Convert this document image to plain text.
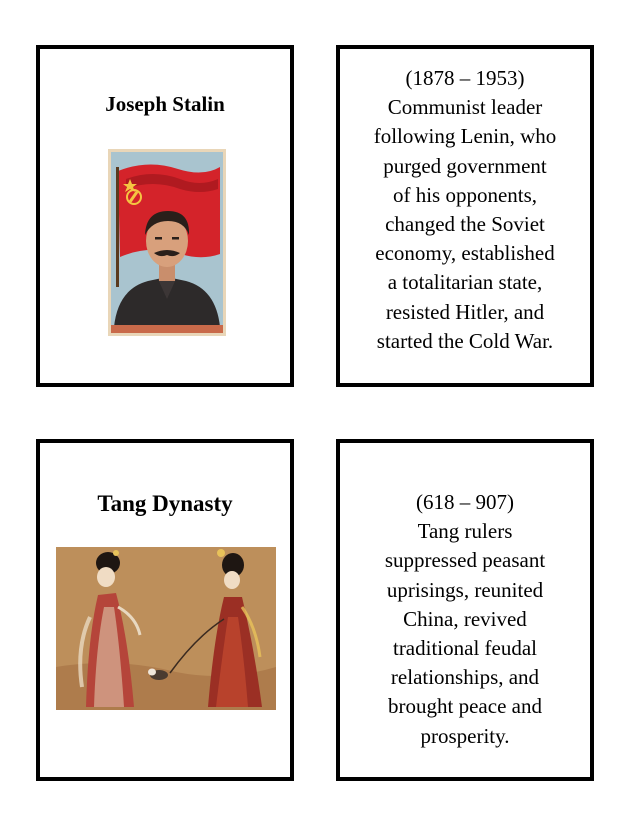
Joseph Stalin
(1878 – 1953)
Communist leader
following Lenin, who
purged government
of his opponents,
changed the Soviet
economy, established
a totalitarian state,
resisted Hitler, and
started the Cold War.
Tang Dynasty	(618 – 907)
Tang rulers
suppressed peasant
uprisings, reunited
China, revived
traditional feudal
relationships, and
brought peace and
prosperity.
